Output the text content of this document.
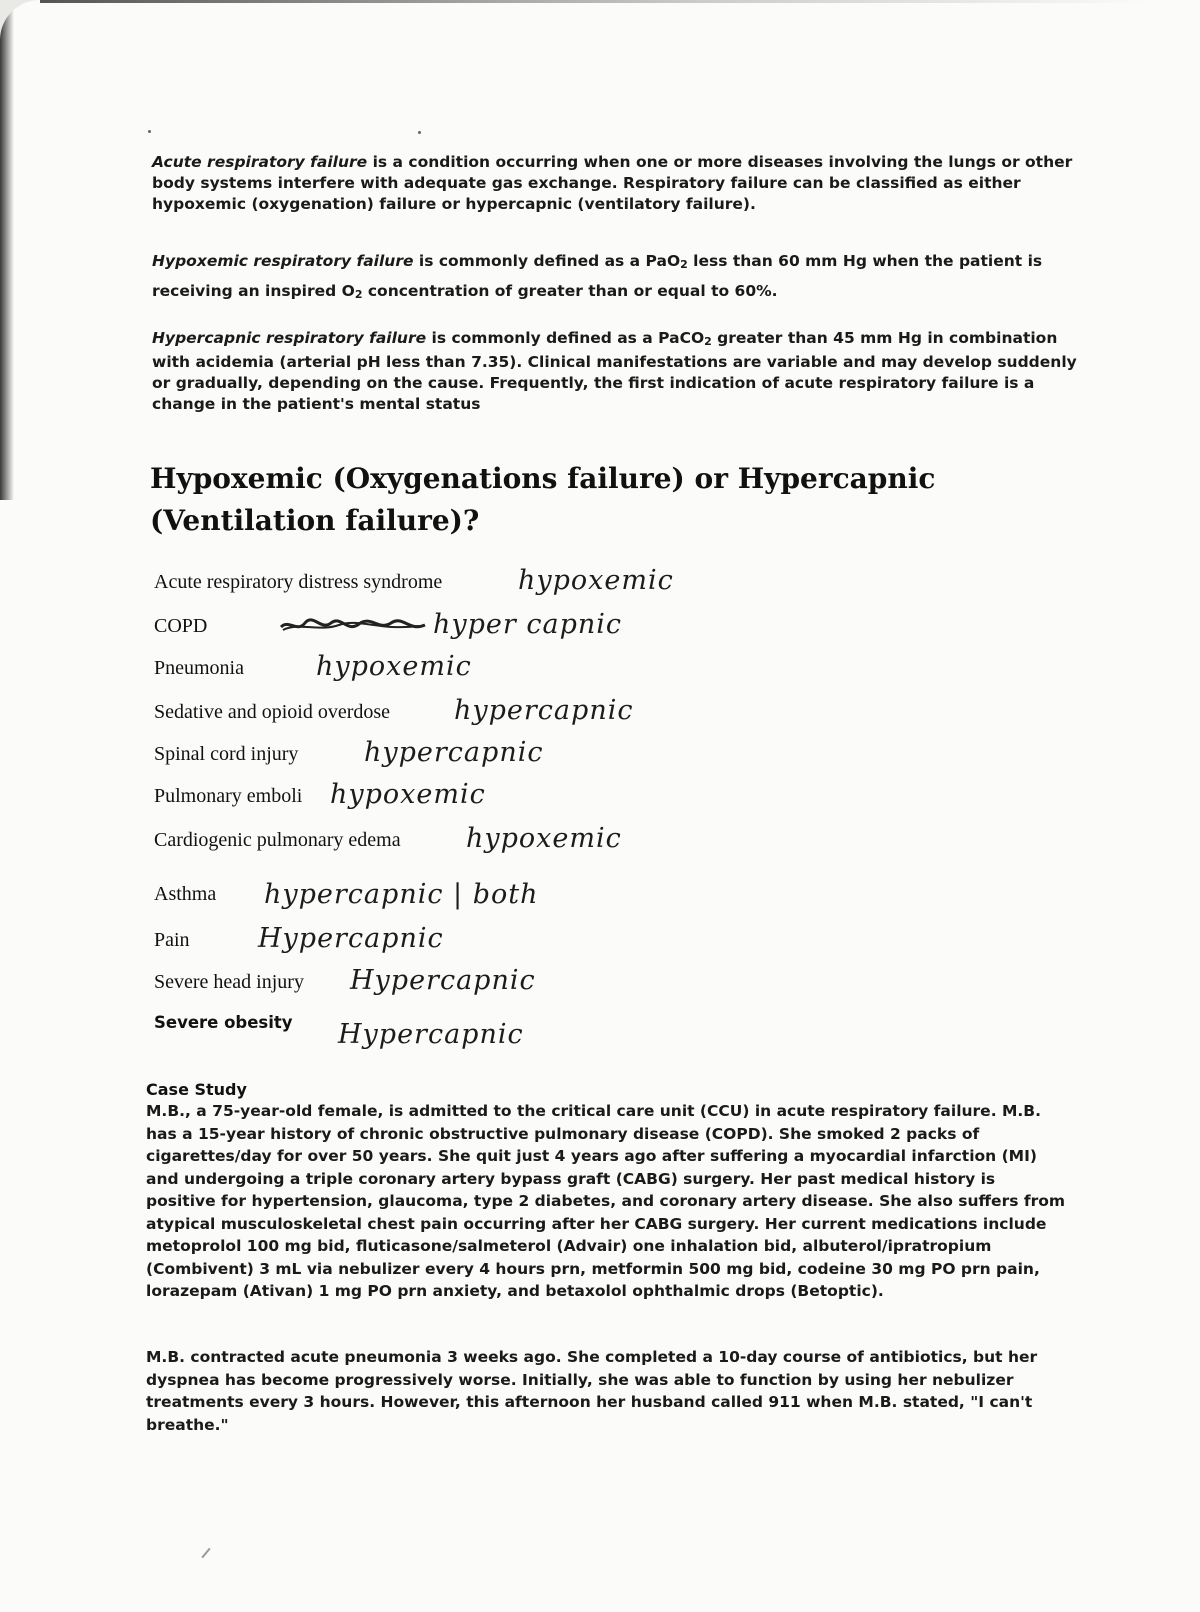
Acute respiratory failure is a condition occurring when one or more diseases involving the lungs or other body systems interfere with adequate gas exchange. Respiratory failure can be classified as either hypoxemic (oxygenation) failure or hypercapnic (ventilatory failure).

Hypoxemic respiratory failure is commonly defined as a PaO2 less than 60 mm Hg when the patient is receiving an inspired O2 concentration of greater than or equal to 60%.

Hypercapnic respiratory failure is commonly defined as a PaCO2 greater than 45 mm Hg in combination with acidemia (arterial pH less than 7.35). Clinical manifestations are variable and may develop suddenly or gradually, depending on the cause. Frequently, the first indication of acute respiratory failure is a change in the patient's mental status

Hypoxemic (Oxygenations failure) or Hypercapnic (Ventilation failure)?
Acute respiratory distress syndrome	hypoxemic
COPD	hyper capnic
Pneumonia	hypoxemic
Sedative and opioid overdose hypercapnic
Spinal cord injury hypercapnic
Pulmonary emboli hypoxemic
Cardiogenic pulmonary edema hypoxemic
Asthma hypercapnic | both
Pain	Hypercapnic
Severe head injury Hypercapnic
Severe obesity Hypercapnic
Case Study

M.B., a 75-year-old female, is admitted to the critical care unit (CCU) in acute respiratory failure. M.B. has a 15-year history of chronic obstructive pulmonary disease (COPD). She smoked 2 packs of cigarettes/day for over 50 years. She quit just 4 years ago after suffering a myocardial infarction (MI) and undergoing a triple coronary artery bypass graft (CABG) surgery. Her past medical history is positive for hypertension, glaucoma, type 2 diabetes, and coronary artery disease. She also suffers from atypical musculoskeletal chest pain occurring after her CABG surgery. Her current medications include metoprolol 100 mg bid, fluticasone/salmeterol (Advair) one inhalation bid, albuterol/ipratropium (Combivent) 3 mL via nebulizer every 4 hours prn, metformin 500 mg bid, codeine 30 mg PO prn pain, lorazepam (Ativan) 1 mg PO prn anxiety, and betaxolol ophthalmic drops (Betoptic).

M.B. contracted acute pneumonia 3 weeks ago. She completed a 10-day course of antibiotics, but her dyspnea has become progressively worse. Initially, she was able to function by using her nebulizer treatments every 3 hours. However, this afternoon her husband called 911 when M.B. stated, "I can't breathe."
